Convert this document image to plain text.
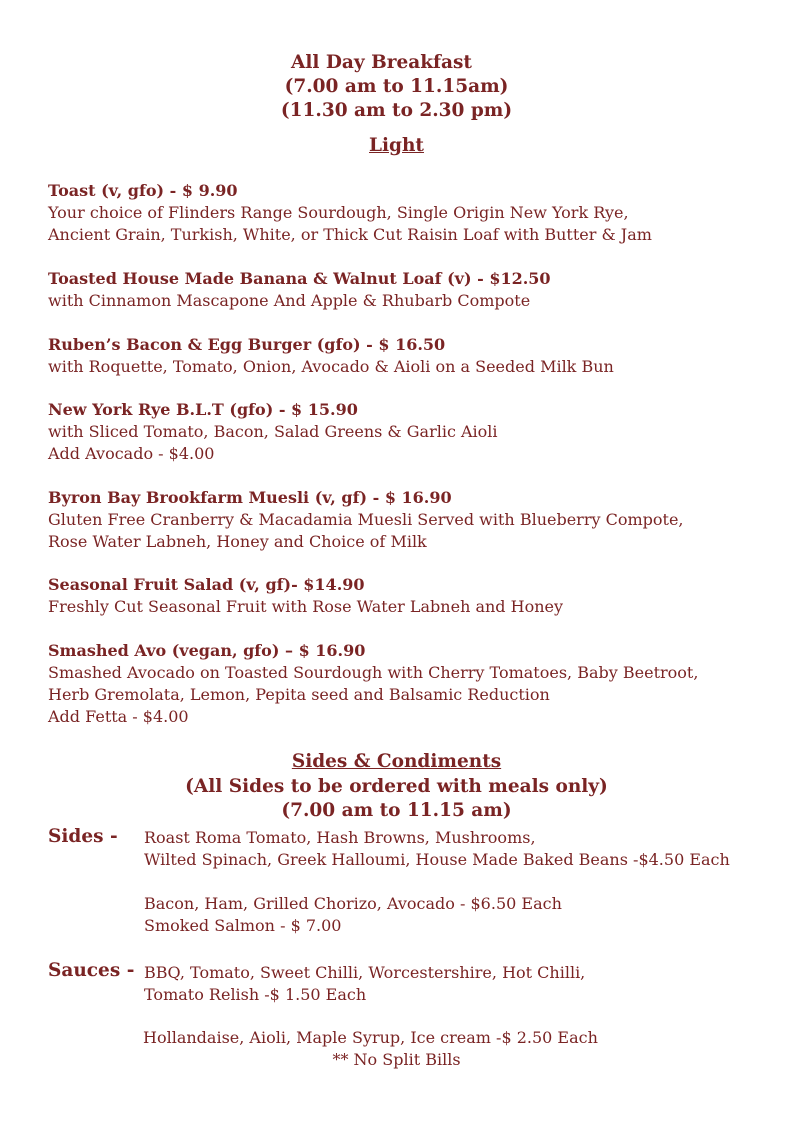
All Day Breakfast
(7.00 am to 11.15am)
(11.30 am to 2.30 pm)
Light
Toast (v, gfo) - $ 9.90
Your choice of Flinders Range Sourdough, Single Origin New York Rye,
Ancient Grain, Turkish, White, or Thick Cut Raisin Loaf with Butter & Jam
Toasted House Made Banana & Walnut Loaf (v) - $12.50
with Cinnamon Mascapone And Apple & Rhubarb Compote
Ruben’s Bacon & Egg Burger (gfo) - $ 16.50
with Roquette, Tomato, Onion, Avocado & Aioli on a Seeded Milk Bun
New York Rye B.L.T (gfo) - $ 15.90
with Sliced Tomato, Bacon, Salad Greens & Garlic Aioli
Add Avocado - $4.00
Byron Bay Brookfarm Muesli (v, gf) - $ 16.90
Gluten Free Cranberry & Macadamia Muesli Served with Blueberry Compote,
Rose Water Labneh, Honey and Choice of Milk
Seasonal Fruit Salad (v, gf)- $14.90
Freshly Cut Seasonal Fruit with Rose Water Labneh and Honey
Smashed Avo (vegan, gfo) – $ 16.90
Smashed Avocado on Toasted Sourdough with Cherry Tomatoes, Baby Beetroot,
Herb Gremolata, Lemon, Pepita seed and Balsamic Reduction
Add Fetta - $4.00
Sides & Condiments
(All Sides to be ordered with meals only)
(7.00 am to 11.15 am)
Sides - Roast Roma Tomato, Hash Browns, Mushrooms,
Wilted Spinach, Greek Halloumi, House Made Baked Beans -$4.50 Each
Bacon, Ham, Grilled Chorizo, Avocado - $6.50 Each
Smoked Salmon - $ 7.00
Sauces - BBQ, Tomato, Sweet Chilli, Worcestershire, Hot Chilli,
Tomato Relish -$ 1.50 Each
Hollandaise, Aioli, Maple Syrup, Ice cream -$ 2.50 Each
** No Split Bills
